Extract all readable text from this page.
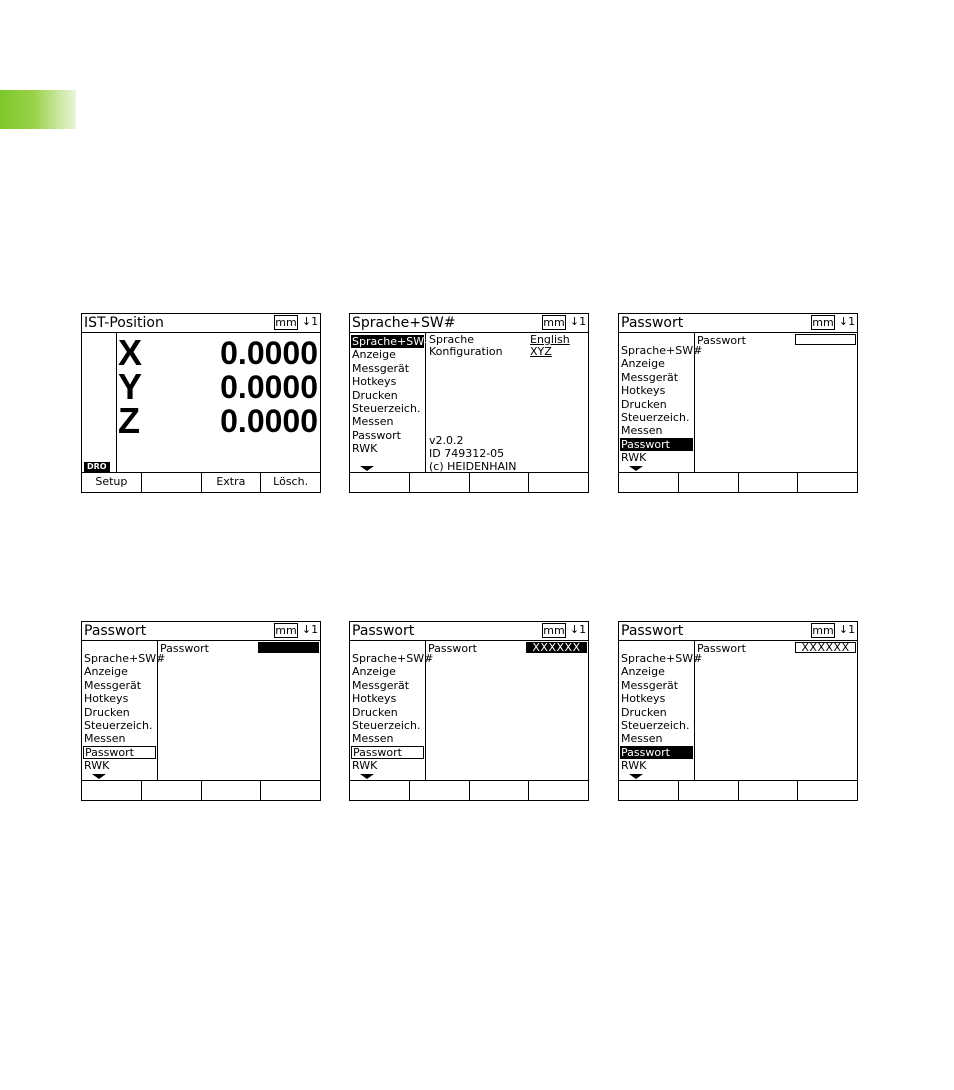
IST-Position	mm ↓1
DRO
X 0.0000
Y 0.0000
Z	0.0000
Setup	Extra	Lösch.
Sprache+SW#	mm ↓1
Sprache+SW#
Anzeige
Messgerät
Hotkeys
Drucken
Steuerzeich.
Messen
Passwort
RWK
Sprache	English
Konfiguration XYZ
v2.0.2
ID 749312-05
(c) HEIDENHAIN
Passwort	mm ↓1
Sprache+SW#
Anzeige
Messgerät
Hotkeys
Drucken
Steuerzeich.
Messen
Passwort
RWK
Passwort
Passwort	mm ↓1
Sprache+SW#
Anzeige
Messgerät
Hotkeys
Drucken
Steuerzeich.
Messen
Passwort
RWK
Passwort
Passwort	mm ↓1
Sprache+SW#
Anzeige
Messgerät
Hotkeys
Drucken
Steuerzeich.
Messen
Passwort
RWK
Passwort	XXXXXX
Passwort	mm ↓1
Sprache+SW#
Anzeige
Messgerät
Hotkeys
Drucken
Steuerzeich.
Messen
Passwort
RWK
Passwort	XXXXXX
